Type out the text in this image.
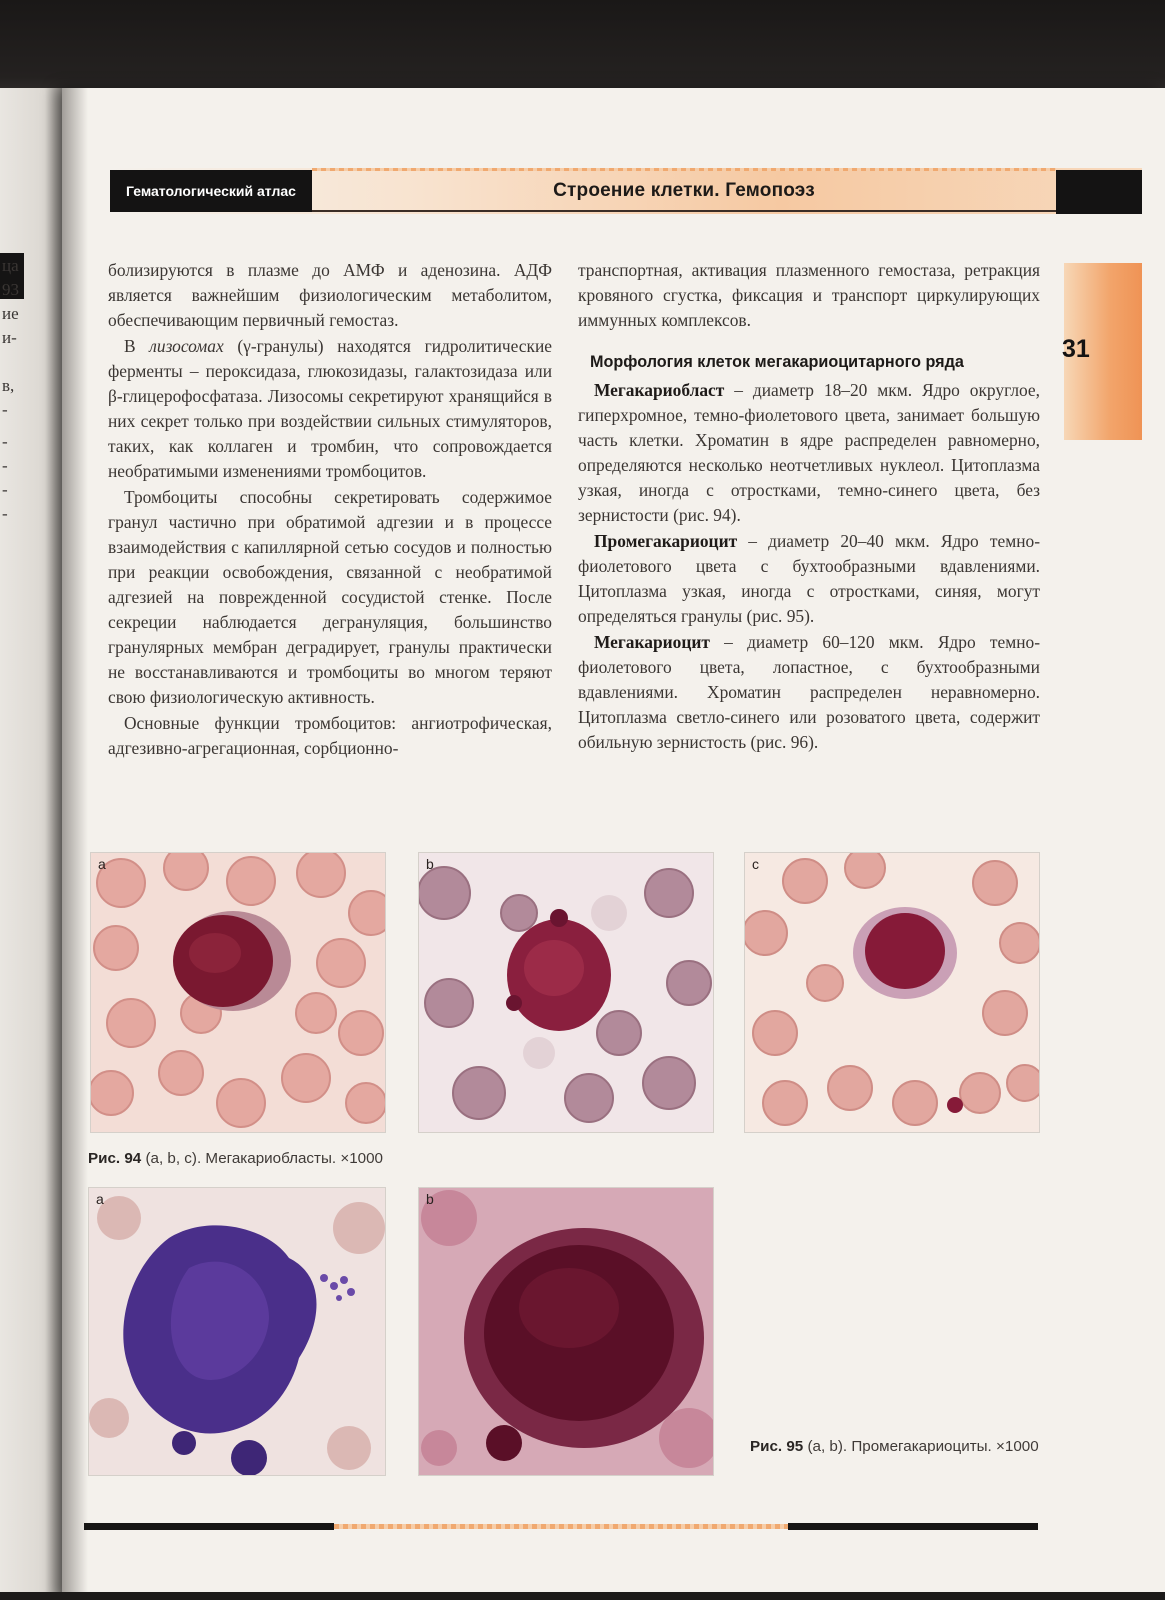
ца
93
ие
и-
в,
-
-
-
-
-
Гематологический атлас	Строение клетки. Гемопоэз
31

болизируются в плазме до АМФ и аденозина. АДФ является важнейшим физиологическим метаболитом, обеспечивающим первичный гемостаз.

В лизосомах (γ-гранулы) находятся гидролитические ферменты – пероксидаза, глюкозидазы, галактозидаза или β-глицерофосфатаза. Лизосомы секретируют хранящийся в них секрет только при воздействии сильных стимуляторов, таких, как коллаген и тромбин, что сопровождается необратимыми изменениями тромбоцитов.

Тромбоциты способны секретировать содержимое гранул частично при обратимой адгезии и в процессе взаимодействия с капиллярной сетью сосудов и полностью при реакции освобождения, связанной с необратимой адгезией на поврежденной сосудистой стенке. После секреции наблюдается дегрануляция, большинство гранулярных мембран деградирует, гранулы практически не восстанавливаются и тромбоциты во многом теряют свою физиологическую активность.

Основные функции тромбоцитов: ангиотрофическая, адгезивно-агрегационная, сорбционно-

транспортная, активация плазменного гемостаза, ретракция кровяного сгустка, фиксация и транспорт циркулирующих иммунных комплексов.

Морфология клеток мегакариоцитарного ряда

Мегакариобласт – диаметр 18–20 мкм. Ядро округлое, гиперхромное, темно-фиолетового цвета, занимает большую часть клетки. Хроматин в ядре распределен равномерно, определяются несколько неотчетливых нуклеол. Цитоплазма узкая, иногда с отростками, темно-синего цвета, без зернистости (рис. 94).

Промегакариоцит – диаметр 20–40 мкм. Ядро темно-фиолетового цвета с бухтообразными вдавлениями. Цитоплазма узкая, иногда с отростками, синяя, могут определяться гранулы (рис. 95).

Мегакариоцит – диаметр 60–120 мкм. Ядро темно-фиолетового цвета, лопастное, с бухтообразными вдавлениями. Хроматин распределен неравномерно. Цитоплазма светло-синего или розоватого цвета, содержит обильную зернистость (рис. 96).

a	b	c
Рис. 94 (a, b, c). Мегакариобласты. ×1000
a	b
Рис. 95 (a, b). Промегакариоциты. ×1000
